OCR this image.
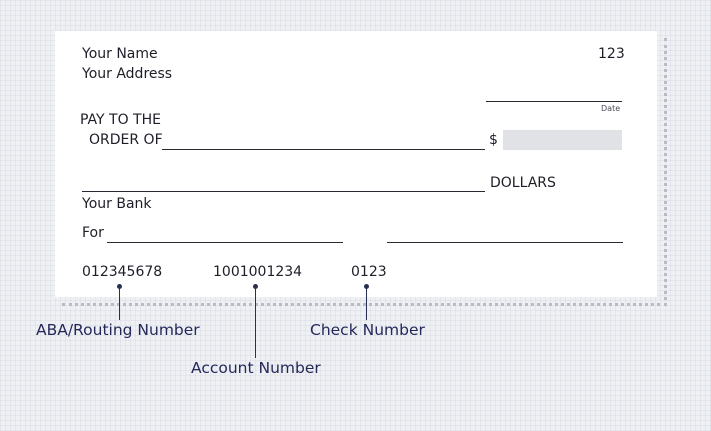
Your Name
Your Address
123
Date
PAY TO THE
ORDER OF	$
DOLLARS
Your Bank
For
012345678	1001001234	0123
ABA/Routing Number
Account Number
Check Number
